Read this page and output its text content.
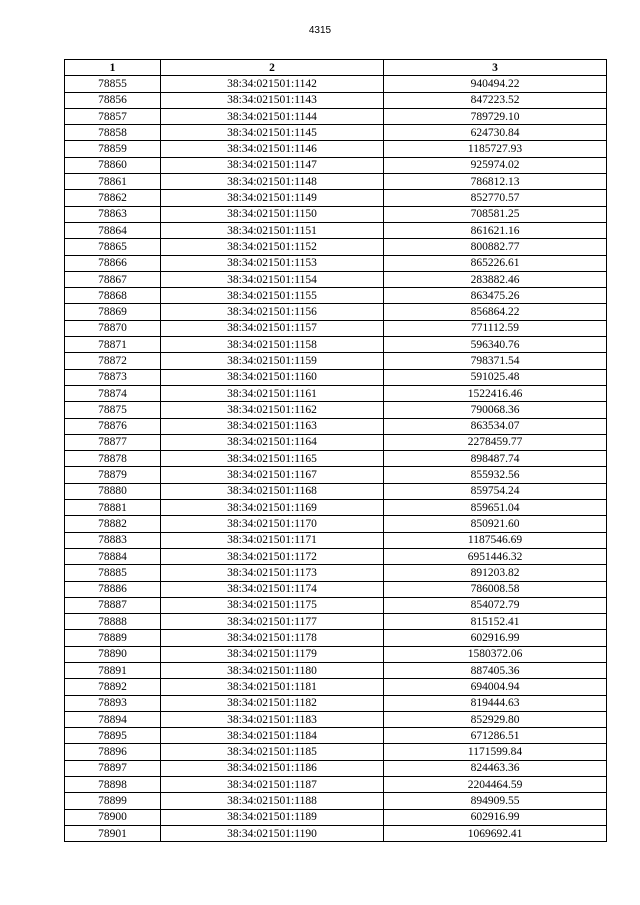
4315
1	2	3
78855	38:34:021501:1142	940494.22
78856	38:34:021501:1143	847223.52
78857	38:34:021501:1144	789729.10
78858	38:34:021501:1145	624730.84
78859	38:34:021501:1146	1185727.93
78860	38:34:021501:1147	925974.02
78861	38:34:021501:1148	786812.13
78862	38:34:021501:1149	852770.57
78863	38:34:021501:1150	708581.25
78864	38:34:021501:1151	861621.16
78865	38:34:021501:1152	800882.77
78866	38:34:021501:1153	865226.61
78867	38:34:021501:1154	283882.46
78868	38:34:021501:1155	863475.26
78869	38:34:021501:1156	856864.22
78870	38:34:021501:1157	771112.59
78871	38:34:021501:1158	596340.76
78872	38:34:021501:1159	798371.54
78873	38:34:021501:1160	591025.48
78874	38:34:021501:1161	1522416.46
78875	38:34:021501:1162	790068.36
78876	38:34:021501:1163	863534.07
78877	38:34:021501:1164	2278459.77
78878	38:34:021501:1165	898487.74
78879	38:34:021501:1167	855932.56
78880	38:34:021501:1168	859754.24
78881	38:34:021501:1169	859651.04
78882	38:34:021501:1170	850921.60
78883	38:34:021501:1171	1187546.69
78884	38:34:021501:1172	6951446.32
78885	38:34:021501:1173	891203.82
78886	38:34:021501:1174	786008.58
78887	38:34:021501:1175	854072.79
78888	38:34:021501:1177	815152.41
78889	38:34:021501:1178	602916.99
78890	38:34:021501:1179	1580372.06
78891	38:34:021501:1180	887405.36
78892	38:34:021501:1181	694004.94
78893	38:34:021501:1182	819444.63
78894	38:34:021501:1183	852929.80
78895	38:34:021501:1184	671286.51
78896	38:34:021501:1185	1171599.84
78897	38:34:021501:1186	824463.36
78898	38:34:021501:1187	2204464.59
78899	38:34:021501:1188	894909.55
78900	38:34:021501:1189	602916.99
78901	38:34:021501:1190	1069692.41
